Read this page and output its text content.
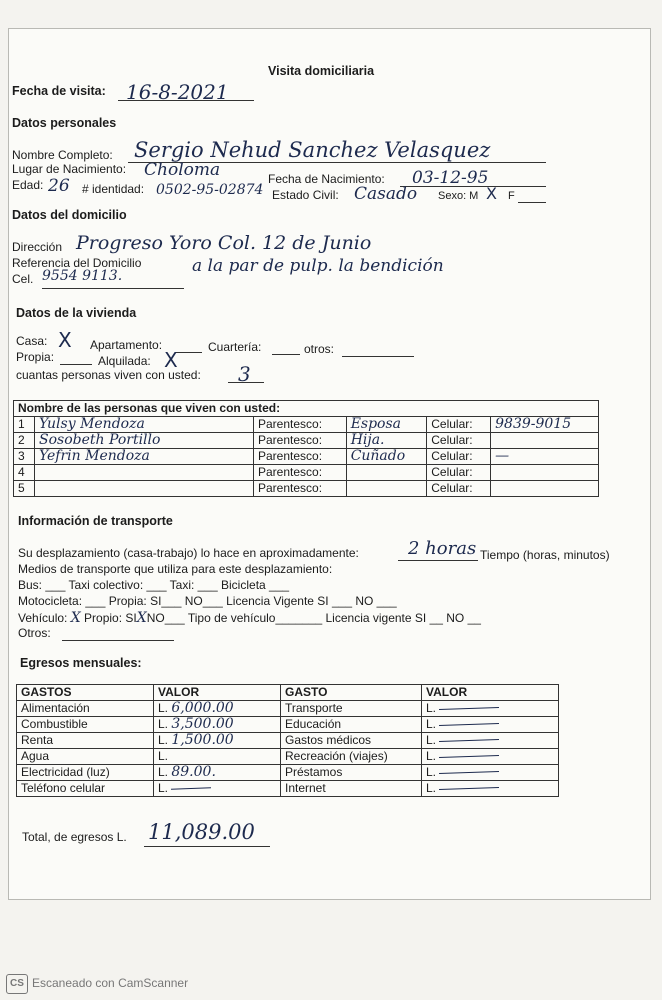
Visita domiciliaria
Fecha de visita: 16-8-2021
Datos personales
Nombre Completo: Sergio Nehud Sanchez Velasquez
Lugar de Nacimiento: Choloma	Fecha de Nacimiento: 03-12-95
Edad: 26 # identidad: 0502-95-02874 Estado Civil: Casado Sexo: M X F
Datos del domicilio
Dirección Progreso Yoro Col. 12 de Junio
Referencia del Domicilio	a la par de pulp. la bendición
Cel. 9554 9113.
Datos de la vivienda
Casa: X Apartamento:	Cuartería:	otros:
Propia:	Alquilada: X
cuantas personas viven con usted: 3
Nombre de las personas que viven con usted:					
1	Yulsy Mendoza	Parentesco:	Esposa	Celular:	9839-9015
2	Sosobeth Portillo	Parentesco:	Hija.	Celular:	
3	Yefrin Mendoza	Parentesco:	Cuñado	Celular:	—
4		Parentesco:		Celular:	
5		Parentesco:		Celular:	
Información de transporte
Su desplazamiento (casa-trabajo) lo hace en aproximadamente:	2 horas Tiempo (horas, minutos)
Medios de transporte que utiliza para este desplazamiento:
Bus: ___ Taxi colectivo: ___ Taxi: ___ Bicicleta ___
Motocicleta: ___ Propia: SI___ NO___ Licencia Vigente SI ___ NO ___
Vehículo: X Propio: SIXNO___ Tipo de vehículo_______ Licencia vigente SI __ NO __
Otros:
Egresos mensuales:
GASTOS	VALOR	GASTO	VALOR
Alimentación	L. 6,000.00	Transporte	L.
Combustible	L. 3,500.00	Educación	L.
Renta	L. 1,500.00	Gastos médicos	L.
Agua	L.	Recreación (viajes)	L.
Electricidad (luz)	L. 89.00.	Préstamos	L.
Teléfono celular	L.	Internet	L.
Total, de egresos L. 11,089.00
CS Escaneado con CamScanner
